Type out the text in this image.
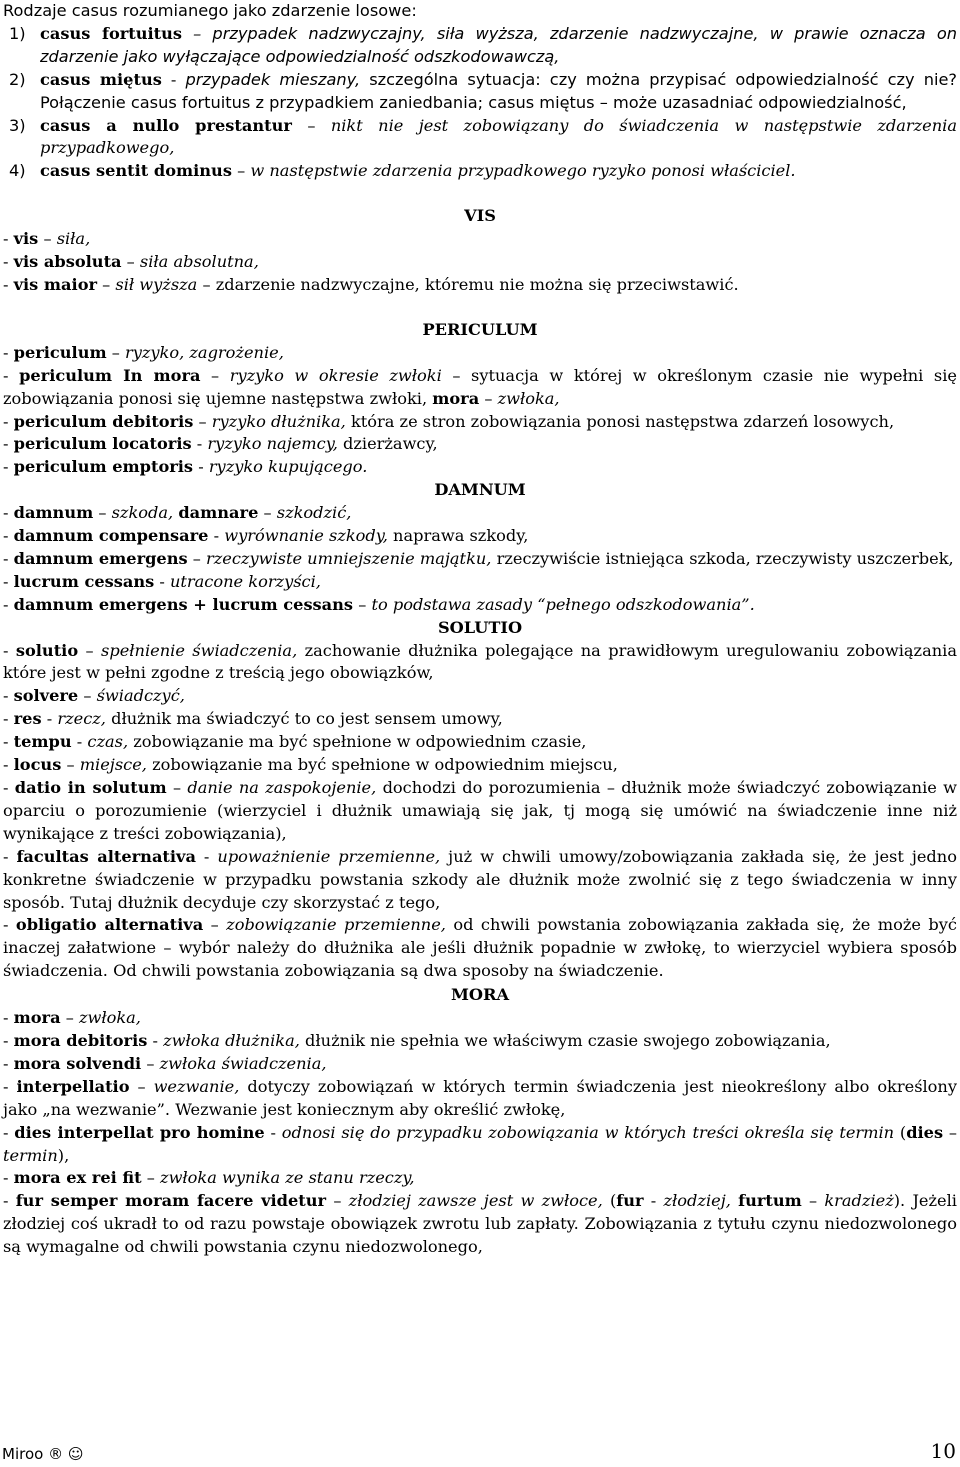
Rodzaje casus rozumianego jako zdarzenie losowe:

1) casus fortuitus – przypadek nadzwyczajny, siła wyższa, zdarzenie nadzwyczajne, w prawie oznacza on zdarzenie jako wyłączające odpowiedzialność odszkodowawczą,
2) casus miętus - przypadek mieszany, szczególna sytuacja: czy można przypisać odpowiedzialność czy nie? Połączenie casus fortuitus z przypadkiem zaniedbania; casus miętus – może uzasadniać odpowiedzialność,
3) casus a nullo prestantur – nikt nie jest zobowiązany do świadczenia w następstwie zdarzenia przypadkowego,
4) casus sentit dominus – w następstwie zdarzenia przypadkowego ryzyko ponosi właściciel.

VIS

- vis – siła,

- vis absoluta – siła absolutna,

- vis maior – sił wyższa – zdarzenie nadzwyczajne, któremu nie można się przeciwstawić.

PERICULUM

- periculum – ryzyko, zagrożenie,

- periculum In mora – ryzyko w okresie zwłoki – sytuacja w której w określonym czasie nie wypełni się zobowiązania ponosi się ujemne następstwa zwłoki, mora – zwłoka,

- periculum debitoris – ryzyko dłużnika, która ze stron zobowiązania ponosi następstwa zdarzeń losowych,

- periculum locatoris - ryzyko najemcy, dzierżawcy,

- periculum emptoris - ryzyko kupującego.

DAMNUM

- damnum – szkoda, damnare – szkodzić,

- damnum compensare - wyrównanie szkody, naprawa szkody,

- damnum emergens – rzeczywiste umniejszenie majątku, rzeczywiście istniejąca szkoda, rzeczywisty uszczerbek,

- lucrum cessans - utracone korzyści,

- damnum emergens + lucrum cessans – to podstawa zasady “pełnego odszkodowania”.

SOLUTIO

- solutio – spełnienie świadczenia, zachowanie dłużnika polegające na prawidłowym uregulowaniu zobowiązania które jest w pełni zgodne z treścią jego obowiązków,

- solvere – świadczyć,

- res - rzecz, dłużnik ma świadczyć to co jest sensem umowy,

- tempu - czas, zobowiązanie ma być spełnione w odpowiednim czasie,

- locus – miejsce, zobowiązanie ma być spełnione w odpowiednim miejscu,

- datio in solutum – danie na zaspokojenie, dochodzi do porozumienia – dłużnik może świadczyć zobowiązanie w oparciu o porozumienie (wierzyciel i dłużnik umawiają się jak, tj mogą się umówić na świadczenie inne niż wynikające z treści zobowiązania),

- facultas alternativa - upoważnienie przemienne, już w chwili umowy/zobowiązania zakłada się, że jest jedno konkretne świadczenie w przypadku powstania szkody ale dłużnik może zwolnić się z tego świadczenia w inny sposób. Tutaj dłużnik decyduje czy skorzystać z tego,

- obligatio alternativa – zobowiązanie przemienne, od chwili powstania zobowiązania zakłada się, że może być inaczej załatwione – wybór należy do dłużnika ale jeśli dłużnik popadnie w zwłokę, to wierzyciel wybiera sposób świadczenia. Od chwili powstania zobowiązania są dwa sposoby na świadczenie.

MORA

- mora – zwłoka,

- mora debitoris - zwłoka dłużnika, dłużnik nie spełnia we właściwym czasie swojego zobowiązania,

- mora solvendi – zwłoka świadczenia,

- interpellatio – wezwanie, dotyczy zobowiązań w których termin świadczenia jest nieokreślony albo określony jako „na wezwanie”. Wezwanie jest koniecznym aby określić zwłokę,

- dies interpellat pro homine - odnosi się do przypadku zobowiązania w których treści określa się termin (dies – termin),

- mora ex rei fit – zwłoka wynika ze stanu rzeczy,

- fur semper moram facere videtur – złodziej zawsze jest w zwłoce, (fur - złodziej, furtum – kradzież). Jeżeli złodziej coś ukradł to od razu powstaje obowiązek zwrotu lub zapłaty. Zobowiązania z tytułu czynu niedozwolonego są wymagalne od chwili powstania czynu niedozwolonego,

Miroo ® ☺	10
